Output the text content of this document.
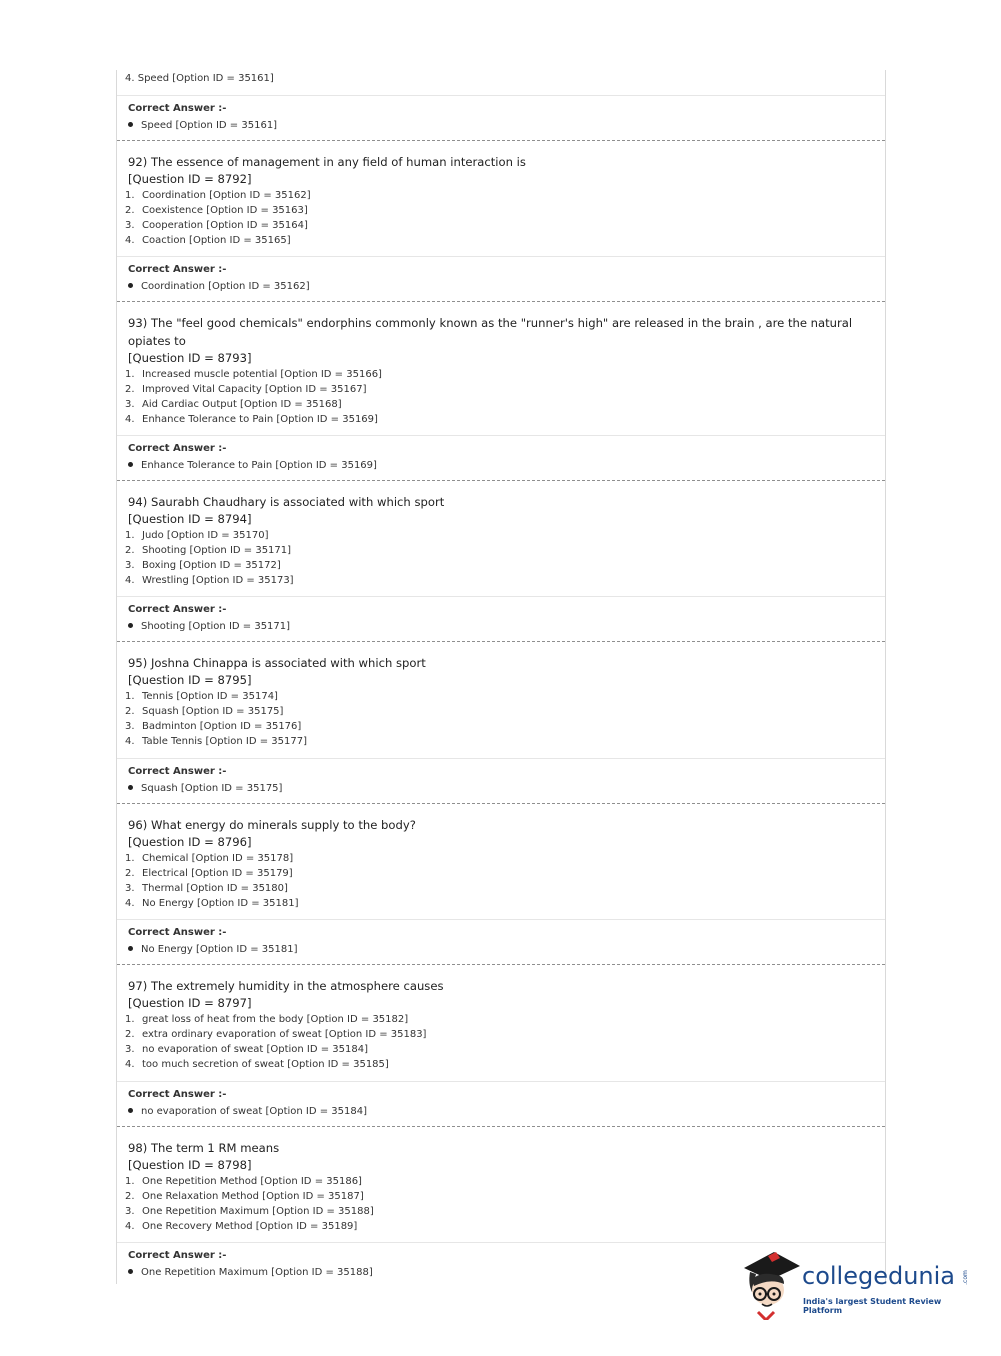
4. Speed [Option ID = 35161]
Correct Answer :-
Speed [Option ID = 35161]
92) The essence of management in any field of human interaction is
[Question ID = 8792]
1. Coordination [Option ID = 35162]
2. Coexistence [Option ID = 35163]
3. Cooperation [Option ID = 35164]
4. Coaction [Option ID = 35165]
Correct Answer :-
Coordination [Option ID = 35162]
93) The "feel good chemicals" endorphins commonly known as the "runner's high" are released in the brain , are the natural opiates to
[Question ID = 8793]
1. Increased muscle potential [Option ID = 35166]
2. Improved Vital Capacity [Option ID = 35167]
3. Aid Cardiac Output [Option ID = 35168]
4. Enhance Tolerance to Pain [Option ID = 35169]
Correct Answer :-
Enhance Tolerance to Pain [Option ID = 35169]
94) Saurabh Chaudhary is associated with which sport
[Question ID = 8794]
1. Judo [Option ID = 35170]
2. Shooting [Option ID = 35171]
3. Boxing [Option ID = 35172]
4. Wrestling [Option ID = 35173]
Correct Answer :-
Shooting [Option ID = 35171]
95) Joshna Chinappa is associated with which sport
[Question ID = 8795]
1. Tennis [Option ID = 35174]
2. Squash [Option ID = 35175]
3. Badminton [Option ID = 35176]
4. Table Tennis [Option ID = 35177]
Correct Answer :-
Squash [Option ID = 35175]
96) What energy do minerals supply to the body?
[Question ID = 8796]
1. Chemical [Option ID = 35178]
2. Electrical [Option ID = 35179]
3. Thermal [Option ID = 35180]
4. No Energy [Option ID = 35181]
Correct Answer :-
No Energy [Option ID = 35181]
97) The extremely humidity in the atmosphere causes
[Question ID = 8797]
1. great loss of heat from the body [Option ID = 35182]
2. extra ordinary evaporation of sweat [Option ID = 35183]
3. no evaporation of sweat [Option ID = 35184]
4. too much secretion of sweat [Option ID = 35185]
Correct Answer :-
no evaporation of sweat [Option ID = 35184]
98) The term 1 RM means
[Question ID = 8798]
1. One Repetition Method [Option ID = 35186]
2. One Relaxation Method [Option ID = 35187]
3. One Repetition Maximum [Option ID = 35188]
4. One Recovery Method [Option ID = 35189]
Correct Answer :-
One Repetition Maximum [Option ID = 35188]	collegedunia .com
India's largest Student Review Platform
